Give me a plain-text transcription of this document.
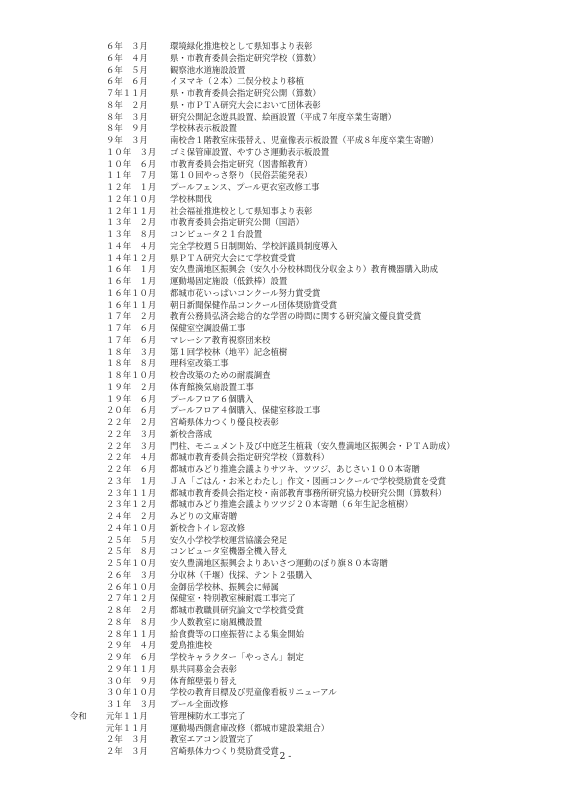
６年　３月	環境緑化推進校として県知事より表彰
６年　４月	県・市教育委員会指定研究学校（算数）
６年　５月	観察池水道施設設置
６年　６月	イヌマキ（２本）二俣分校より移植
７年１１月	県・市教育委員会指定研究公開（算数）
８年　２月	県・市ＰＴＡ研究大会において団体表彰
８年　３月	研究公開記念遊具設置、絵画設置（平成７年度卒業生寄贈）
８年　９月	学校林表示板設置
９年　３月	南校舎１階教室床張替え、児童像表示板設置（平成８年度卒業生寄贈）
１０年　３月	ゴミ保管庫設置、やすひさ運動表示板設置
１０年　６月	市教育委員会指定研究（図書館教育）
１１年　７月	第１０回やっさ祭り（民俗芸能発表）
１２年　１月	プールフェンス、プール更衣室改修工事
１２年１０月	学校林間伐
１２年１１月	社会福祉推進校として県知事より表彰
１３年　２月	市教育委員会指定研究公開（国語）
１３年　８月	コンピュータ２１台設置
１４年　４月	完全学校週５日制開始、学校評議員制度導入
１４年１２月	県ＰＴＡ研究大会にて学校賞受賞
１６年　１月	安久豊満地区振興会（安久小分校林間伐分収金より）教育機器購入助成
１６年　１月	運動場固定施設（低鉄棒）設置
１６年１０月	都城市花いっぱいコンクール努力賞受賞
１６年１１月	朝日新聞保健作品コンクール団体奨励賞受賞
１７年　２月	教育公務員弘済会総合的な学習の時間に関する研究論文優良賞受賞
１７年　６月	保健室空調設備工事
１７年　６月	マレーシア教育視察団来校
１８年　３月	第１回学校林（地平）記念植樹
１８年　８月	理科室改築工事
１８年１０月	校舎改築のための耐震調査
１９年　２月	体育館換気扇設置工事
１９年　６月	プールフロア６個購入
２０年　６月	プールフロア４個購入、保健室移設工事
２２年　２月	宮崎県体力つくり優良校表彰
２２年　３月	新校舎落成
２２年　３月	門柱、モニュメント及び中庭芝生植栽（安久豊満地区振興会・ＰＴＡ助成）
２２年　４月	都城市教育委員会指定研究学校（算数科）
２２年　６月	都城市みどり推進会議よりサツキ、ツツジ、あじさい１００本寄贈
２３年　１月	ＪＡ「ごはん・お米とわたし」作文・図画コンクールで学校奨励賞を受賞
２３年１１月	都城市教育委員会指定校・南部教育事務所研究協力校研究公開（算数科）
２３年１２月	都城市みどり推進会議よりツツジ２０本寄贈（６年生記念植樹）
２４年　２月	みどりの文庫寄贈
２４年１０月	新校舎トイレ窓改修
２５年　５月	安久小学校学校運営協議会発足
２５年　８月	コンピュータ室機器全機入替え
２５年１０月	安久豊満地区振興会よりあいさつ運動のぼり旗８０本寄贈
２６年　３月	分収林（千堰）伐採、テント２張購入
２６年１０月	金御岳学校林、振興会に帰属
２７年１２月	保健室・特別教室棟耐震工事完了
２８年　２月	都城市教職員研究論文で学校賞受賞
２８年　８月	少人数教室に扇風機設置
２８年１１月	給食費等の口座振替による集金開始
２９年　４月	愛鳥推進校
２９年　６月	学校キャラクター「やっさん」制定
２９年１１月	県共同募金会表彰
３０年　９月	体育館壁張り替え
３０年１０月	学校の教育目標及び児童像看板リニューアル
３１年　３月	プール全面改修
令和	元年１１月	管理棟防水工事完了
元年１１月	運動場西側倉庫改修（都城市建設業組合）
２年　３月	教室エアコン設置完了
２年　３月	宮崎県体力つくり奨励賞受賞
- 2 -
